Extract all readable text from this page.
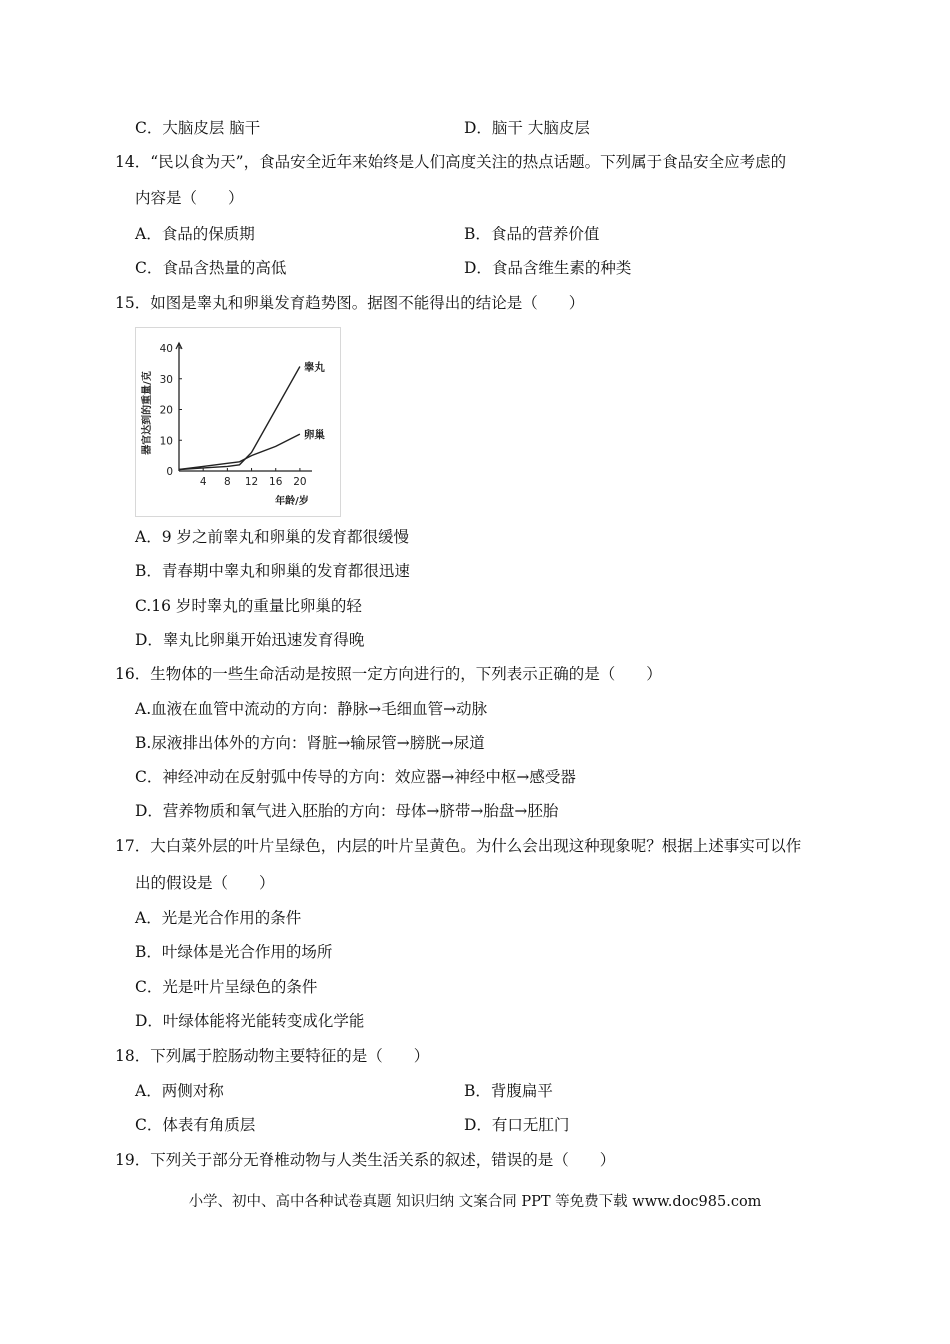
C．大脑皮层 脑干	D．脑干 大脑皮层
14．“民以食为天”，食品安全近年来始终是人们高度关注的热点话题。下列属于食品安全应考虑的
内容是（　　）
A．食品的保质期	B．食品的营养价值
C．食品含热量的高低	D．食品含维生素的种类
15．如图是睾丸和卵巢发育趋势图。据图不能得出的结论是（　　）
4 8 12 16 20
0
10
20
30
40
年龄/岁
器官达到的重量/克
睾丸
卵巢
A．9 岁之前睾丸和卵巢的发育都很缓慢
B．青春期中睾丸和卵巢的发育都很迅速
C.16 岁时睾丸的重量比卵巢的轻
D．睾丸比卵巢开始迅速发育得晚
16．生物体的一些生命活动是按照一定方向进行的，下列表示正确的是（　　）
A.血液在血管中流动的方向：静脉→毛细血管→动脉
B.尿液排出体外的方向：肾脏→输尿管→膀胱→尿道
C．神经冲动在反射弧中传导的方向：效应器→神经中枢→感受器
D．营养物质和氧气进入胚胎的方向：母体→脐带→胎盘→胚胎
17．大白菜外层的叶片呈绿色，内层的叶片呈黄色。为什么会出现这种现象呢？根据上述事实可以作
出的假设是（　　）
A．光是光合作用的条件
B．叶绿体是光合作用的场所
C．光是叶片呈绿色的条件
D．叶绿体能将光能转变成化学能
18．下列属于腔肠动物主要特征的是（　　）
A．两侧对称	B．背腹扁平
C．体表有角质层	D．有口无肛门
19．下列关于部分无脊椎动物与人类生活关系的叙述，错误的是（　　）
小学、初中、高中各种试卷真题 知识归纳 文案合同 PPT 等免费下载 www.doc985.com
